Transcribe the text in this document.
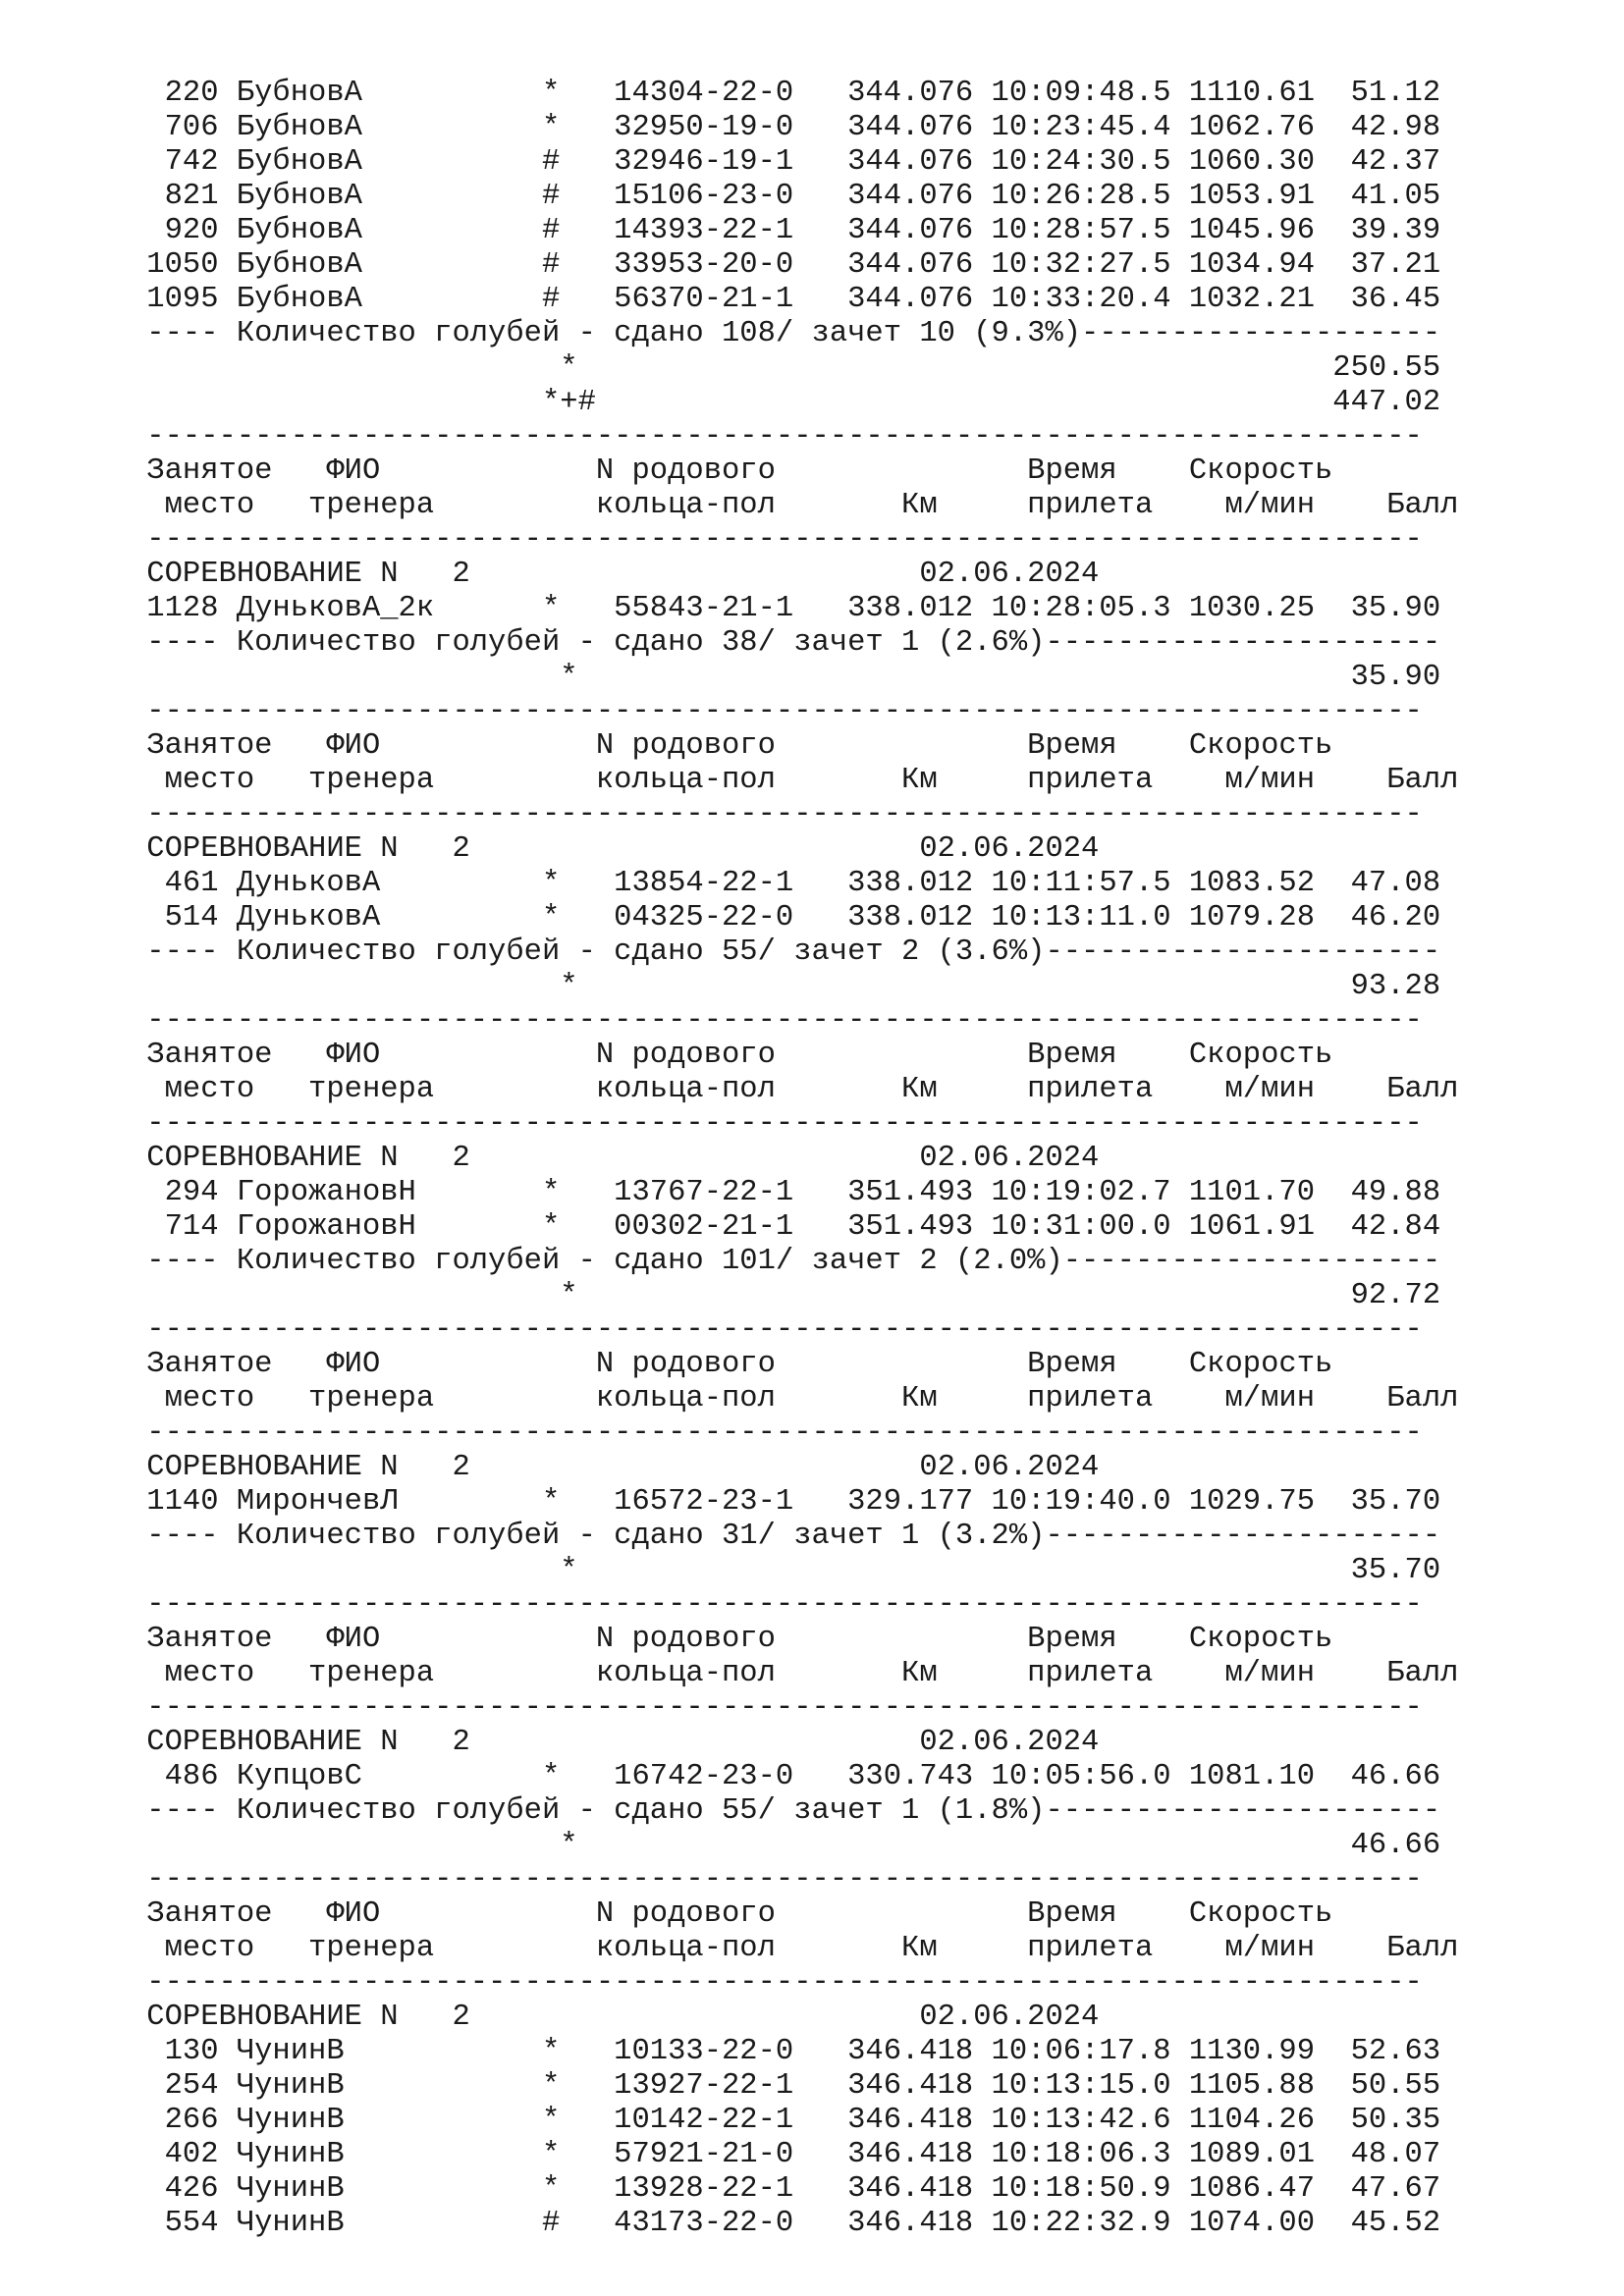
220 БубновА          *   14304-22-0   344.076 10:09:48.5 1110.61  51.12
706 БубновА          *   32950-19-0   344.076 10:23:45.4 1062.76  42.98
742 БубновА          #   32946-19-1   344.076 10:24:30.5 1060.30  42.37
821 БубновА          #   15106-23-0   344.076 10:26:28.5 1053.91  41.05
920 БубновА          #   14393-22-1   344.076 10:28:57.5 1045.96  39.39
1050 БубновА          #   33953-20-0   344.076 10:32:27.5 1034.94  37.21
1095 БубновА          #   56370-21-1   344.076 10:33:20.4 1032.21  36.45
---- Количество голубей - сдано 108/ зачет 10 (9.3%)--------------------
*                                          250.55
*+#                                         447.02
-----------------------------------------------------------------------
Занятое   ФИО            N родового              Время    Скорость
место   тренера         кольца-пол       Км     прилета    м/мин    Балл
-----------------------------------------------------------------------
СОРЕВНОВАНИЕ N   2                         02.06.2024
1128 ДуньковА_2к      *   55843-21-1   338.012 10:28:05.3 1030.25  35.90
---- Количество голубей - сдано 38/ зачет 1 (2.6%)----------------------
*                                           35.90
-----------------------------------------------------------------------
Занятое   ФИО            N родового              Время    Скорость
место   тренера         кольца-пол       Км     прилета    м/мин    Балл
-----------------------------------------------------------------------
СОРЕВНОВАНИЕ N   2                         02.06.2024
461 ДуньковА         *   13854-22-1   338.012 10:11:57.5 1083.52  47.08
514 ДуньковА         *   04325-22-0   338.012 10:13:11.0 1079.28  46.20
---- Количество голубей - сдано 55/ зачет 2 (3.6%)----------------------
*                                           93.28
-----------------------------------------------------------------------
Занятое   ФИО            N родового              Время    Скорость
место   тренера         кольца-пол       Км     прилета    м/мин    Балл
-----------------------------------------------------------------------
СОРЕВНОВАНИЕ N   2                         02.06.2024
294 ГорожановН       *   13767-22-1   351.493 10:19:02.7 1101.70  49.88
714 ГорожановН       *   00302-21-1   351.493 10:31:00.0 1061.91  42.84
---- Количество голубей - сдано 101/ зачет 2 (2.0%)---------------------
*                                           92.72
-----------------------------------------------------------------------
Занятое   ФИО            N родового              Время    Скорость
место   тренера         кольца-пол       Км     прилета    м/мин    Балл
-----------------------------------------------------------------------
СОРЕВНОВАНИЕ N   2                         02.06.2024
1140 МирончевЛ        *   16572-23-1   329.177 10:19:40.0 1029.75  35.70
---- Количество голубей - сдано 31/ зачет 1 (3.2%)----------------------
*                                           35.70
-----------------------------------------------------------------------
Занятое   ФИО            N родового              Время    Скорость
место   тренера         кольца-пол       Км     прилета    м/мин    Балл
-----------------------------------------------------------------------
СОРЕВНОВАНИЕ N   2                         02.06.2024
486 КупцовС          *   16742-23-0   330.743 10:05:56.0 1081.10  46.66
---- Количество голубей - сдано 55/ зачет 1 (1.8%)----------------------
*                                           46.66
-----------------------------------------------------------------------
Занятое   ФИО            N родового              Время    Скорость
место   тренера         кольца-пол       Км     прилета    м/мин    Балл
-----------------------------------------------------------------------
СОРЕВНОВАНИЕ N   2                         02.06.2024
130 ЧунинВ           *   10133-22-0   346.418 10:06:17.8 1130.99  52.63
254 ЧунинВ           *   13927-22-1   346.418 10:13:15.0 1105.88  50.55
266 ЧунинВ           *   10142-22-1   346.418 10:13:42.6 1104.26  50.35
402 ЧунинВ           *   57921-21-0   346.418 10:18:06.3 1089.01  48.07
426 ЧунинВ           *   13928-22-1   346.418 10:18:50.9 1086.47  47.67
554 ЧунинВ           #   43173-22-0   346.418 10:22:32.9 1074.00  45.52
